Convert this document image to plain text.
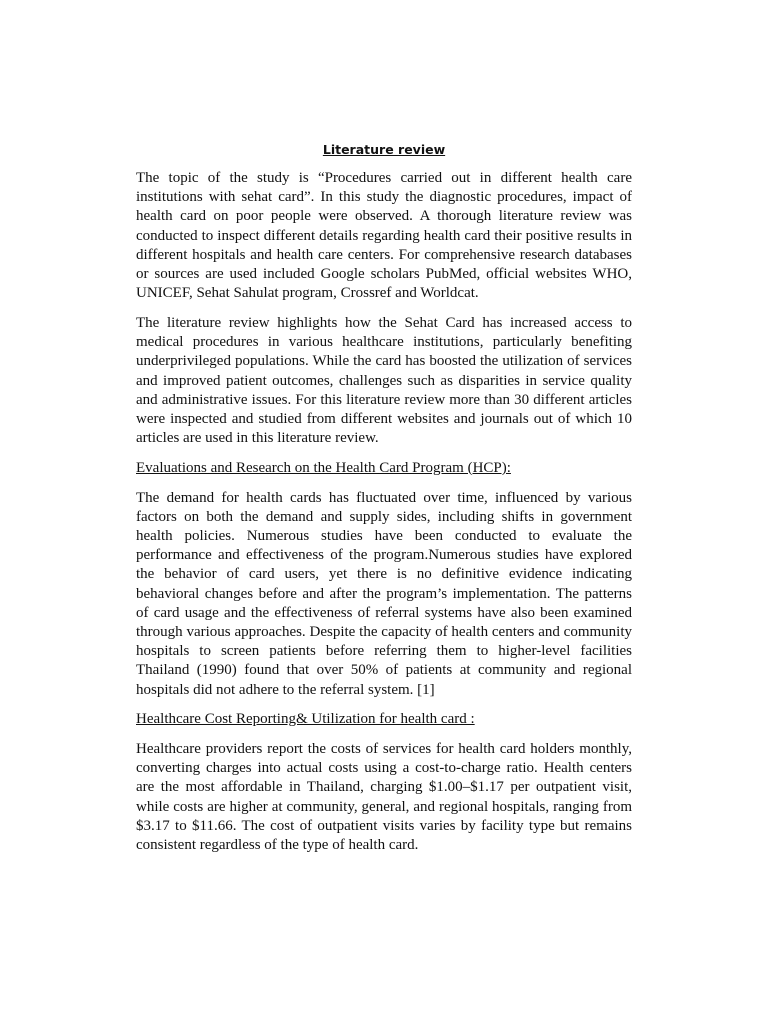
Literature review

The topic of the study is “Procedures carried out in different health care institutions with sehat card”. In this study the diagnostic procedures, impact of health card on poor people were observed. A thorough literature review was conducted to inspect different details regarding health card their positive results in different hospitals and health care centers. For comprehensive research databases or sources are used included Google scholars PubMed, official websites WHO, UNICEF, Sehat Sahulat program, Crossref and Worldcat.

The literature review highlights how the Sehat Card has increased access to medical procedures in various healthcare institutions, particularly benefiting underprivileged populations. While the card has boosted the utilization of services and improved patient outcomes, challenges such as disparities in service quality and administrative issues. For this literature review more than 30 different articles were inspected and studied from different websites and journals out of which 10 articles are used in this literature review.

Evaluations and Research on the Health Card Program (HCP):

The demand for health cards has fluctuated over time, influenced by various factors on both the demand and supply sides, including shifts in government health policies. Numerous studies have been conducted to evaluate the performance and effectiveness of the program.Numerous studies have explored the behavior of card users, yet there is no definitive evidence indicating behavioral changes before and after the program’s implementation. The patterns of card usage and the effectiveness of referral systems have also been examined through various approaches. Despite the capacity of health centers and community hospitals to screen patients before referring them to higher-level facilities Thailand (1990) found that over 50% of patients at community and regional hospitals did not adhere to the referral system. [1]

Healthcare Cost Reporting& Utilization for health card :

Healthcare providers report the costs of services for health card holders monthly, converting charges into actual costs using a cost-to-charge ratio. Health centers are the most affordable in Thailand, charging $1.00–$1.17 per outpatient visit, while costs are higher at community, general, and regional hospitals, ranging from $3.17 to $11.66. The cost of outpatient visits varies by facility type but remains consistent regardless of the type of health card.
